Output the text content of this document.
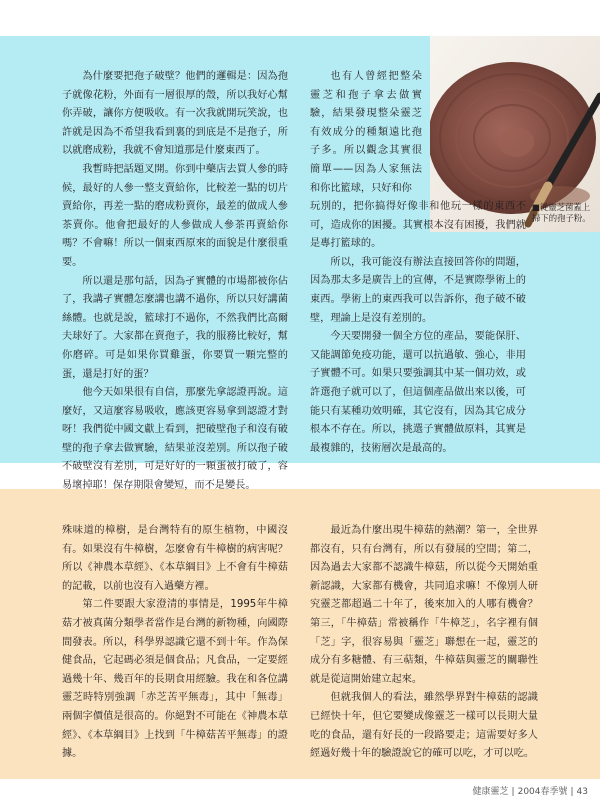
■從靈芝菌蓋上掃下的孢子粉。

為什麼要把孢子破壁？他們的邏輯是：因為孢子就像花粉，外面有一層很厚的殼，所以我好心幫你弄破，讓你方便吸收。有一次我就開玩笑說，也許就是因為不希望我看到裏的到底是不是孢子，所以就磨成粉，我就不會知道那是什麼東西了。

我暫時把話題叉開。你到中藥店去買人參的時候，最好的人參一整支賣給你，比較差一點的切片賣給你，再差一點的磨成粉賣你，最差的做成人參茶賣你。他會把最好的人參做成人參茶再賣給你嗎？不會嘛！所以一個東西原來的面貌是什麼很重要。

所以還是那句話，因為孑實體的市場都被你佔了，我講孑實體怎麼講也講不過你，所以只好講菌絲體。也就是說，籃球打不過你，不然我們比高爾夫球好了。大家都在賣孢子，我的服務比較好，幫你磨碎。可是如果你買雞蛋，你要買一顆完整的蛋，還是打好的蛋？

他今天如果很有自信，那麼先拿認證再說。這麼好，又這麼容易吸收，應該更容易拿到認證才對呀！我們從中國文獻上看到，把破壁孢子和沒有破壁的孢子拿去做實驗，結果並沒差別。所以孢子破不破壁沒有差別，可是好好的一顆蛋被打破了，容易壞掉耶！保存期限會變短，而不是變長。

也有人曾經把整朵靈芝和孢子拿去做實驗，結果發現整朵靈芝有效成分的種類遠比孢子多。所以觀念其實很簡單——因為人家無法和你比籃球，只好和你

玩別的，把你搞得好像非和他玩一樣的東西不可，造成你的困擾。其實根本沒有困擾，我們就是專打籃球的。

所以，我可能沒有辦法直接回答你的問題，因為那太多是廣告上的宣傳，不是實際學術上的東西。學術上的東西我可以告訴你，孢子破不破壁，理論上是沒有差別的。

今天要開發一個全方位的產品，要能保肝、又能調節免疫功能，還可以抗過敏、強心，非用子實體不可。如果只要強調其中某一個功效，或許選孢子就可以了，但這個產品做出來以後，可能只有某種功效明確，其它沒有，因為其它成分根本不存在。所以，挑選子實體做原料，其實是最複雜的，技術層次是最高的。

殊味道的樟樹，是台灣特有的原生植物，中國沒有。如果沒有牛樟樹，怎麼會有牛樟樹的病害呢？所以《神農本草經》、《本草綱目》上不會有牛樟菇的記載，以前也沒有入過藥方裡。

第二件要跟大家澄清的事情是，1995年牛樟菇才被真菌分類學者當作是台灣的新物種，向國際間發表。所以，科學界認識它還不到十年。作為保健食品，它起碼必須是個食品；凡食品，一定要經過幾十年、幾百年的長期食用經驗。我在和各位講靈芝時特別強調「赤芝苦平無毒」，其中「無毒」兩個字價值是很高的。你絕對不可能在《神農本草經》、《本草綱目》上找到「牛樟菇苦平無毒」的證據。

最近為什麼出現牛樟菇的熱潮？第一，全世界都沒有，只有台灣有，所以有發展的空間；第二，因為過去大家都不認識牛樟菇，所以從今天開始重新認識，大家都有機會，共同追求嘛！不像別人研究靈芝都超過二十年了，後來加入的人哪有機會？第三，「牛樟菇」常被稱作「牛樟芝」，名字裡有個「芝」字，很容易與「靈芝」聯想在一起，靈芝的成分有多糖體、有三萜類，牛樟菇與靈芝的關聯性就是從這開始建立起來。

但就我個人的看法，雖然學界對牛樟菇的認識已經快十年，但它要變成像靈芝一樣可以長期大量吃的食品，還有好長的一段路要走；這需要好多人經過好幾十年的驗證說它的確可以吃，才可以吃。

健康靈芝 | 2004春季號 | 43
